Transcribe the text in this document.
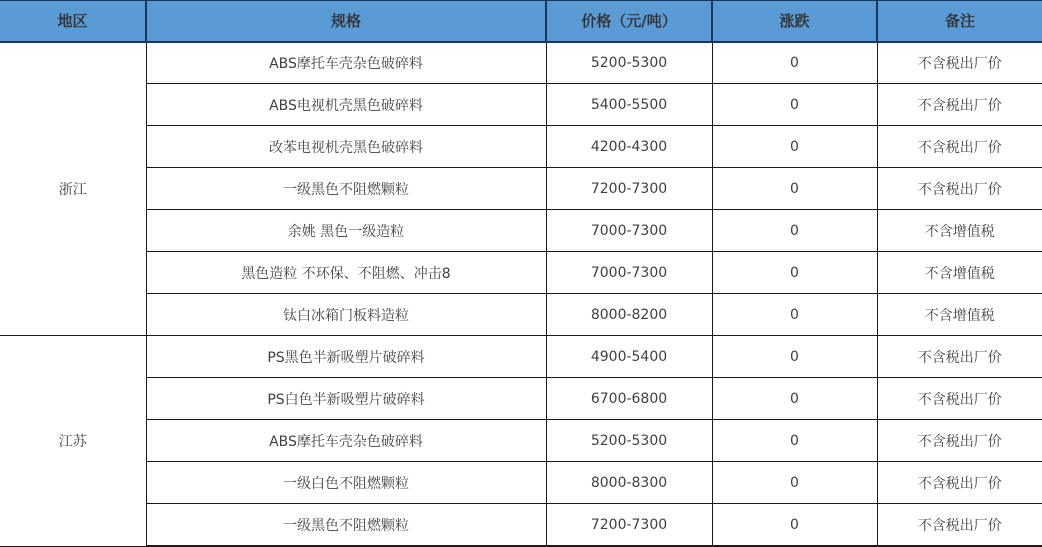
地区	规格	价格（元/吨）	涨跌	备注
浙江	ABS摩托车壳杂色破碎料	5200-5300	0	不含税出厂价
	ABS电视机壳黑色破碎料	5400-5500	0	不含税出厂价
	改苯电视机壳黑色破碎料	4200-4300	0	不含税出厂价
	一级黑色不阻燃颗粒	7200-7300	0	不含税出厂价
	余姚 黑色一级造粒	7000-7300	0	不含增值税
	黑色造粒 不环保、不阻燃、冲击8	7000-7300	0	不含增值税
	钛白冰箱门板料造粒	8000-8200	0	不含增值税
江苏	PS黑色半新吸塑片破碎料	4900-5400	0	不含税出厂价
	PS白色半新吸塑片破碎料	6700-6800	0	不含税出厂价
	ABS摩托车壳杂色破碎料	5200-5300	0	不含税出厂价
	一级白色不阻燃颗粒	8000-8300	0	不含税出厂价
	一级黑色不阻燃颗粒	7200-7300	0	不含税出厂价
